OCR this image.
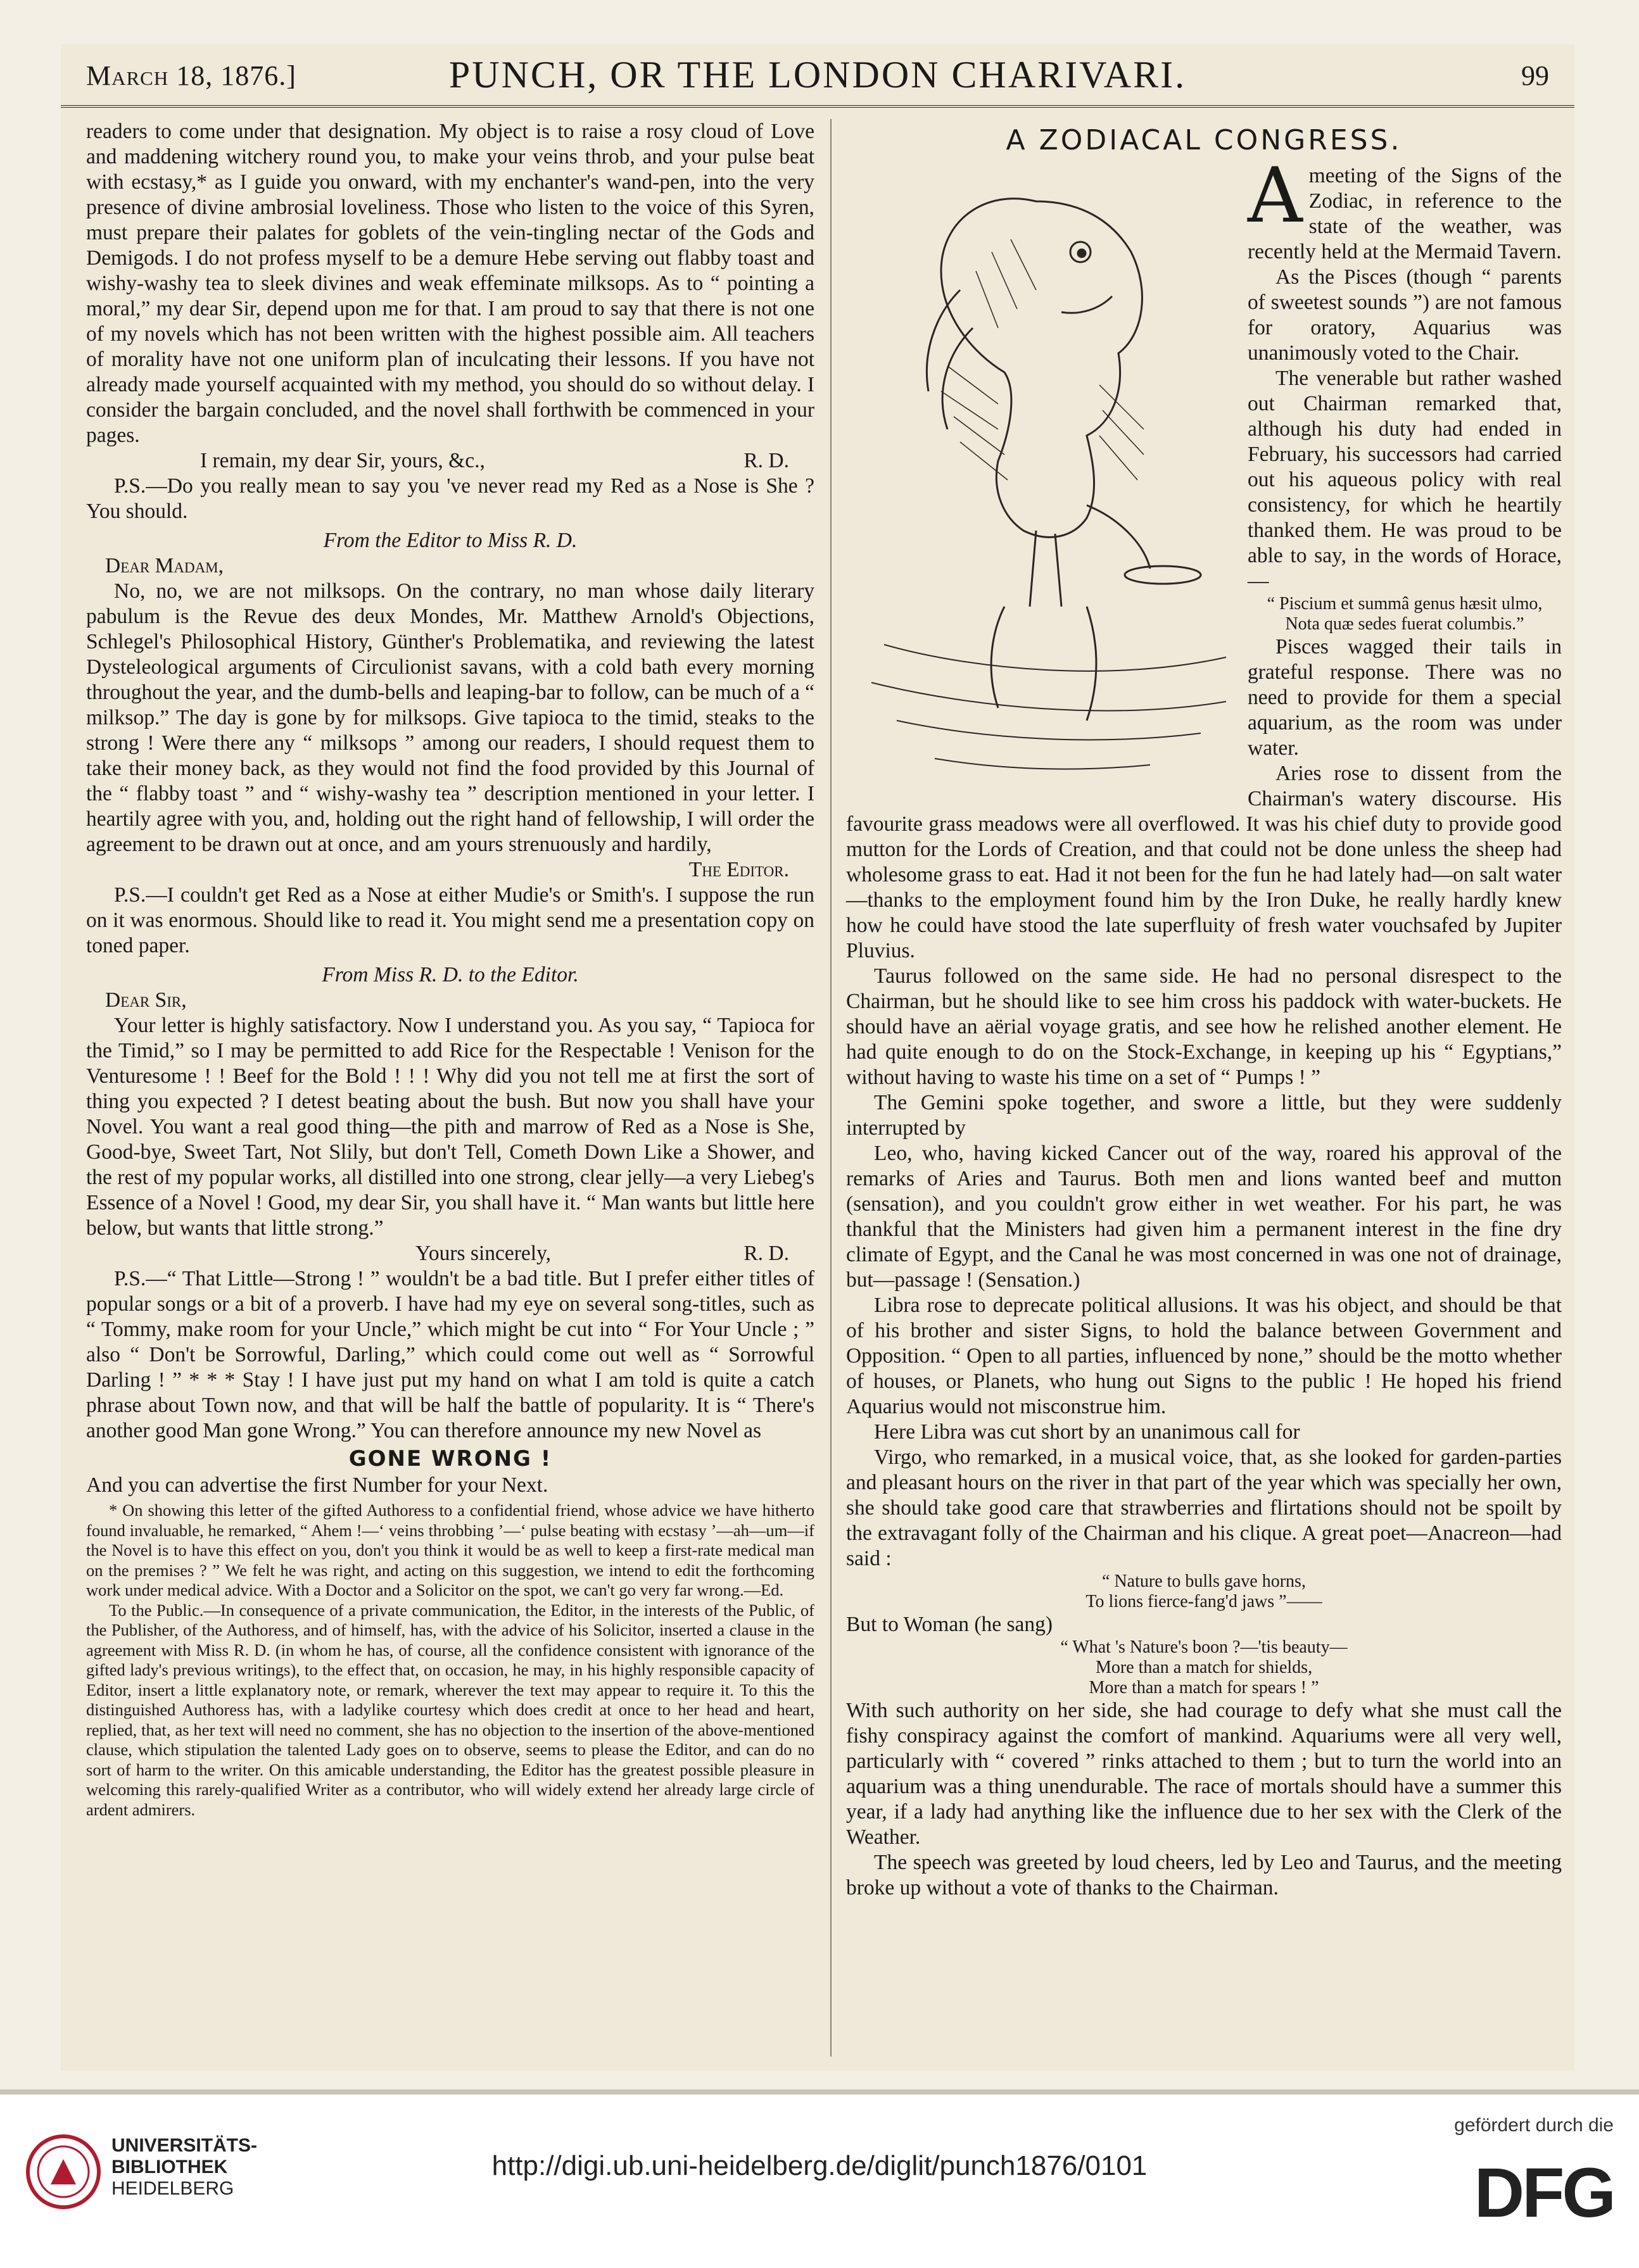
March 18, 1876.]	PUNCH, OR THE LONDON CHARIVARI.	99

readers to come under that designation. My object is to raise a rosy cloud of Love and maddening witchery round you, to make your veins throb, and your pulse beat with ecstasy,* as I guide you onward, with my enchanter's wand-pen, into the very presence of divine ambrosial loveliness. Those who listen to the voice of this Syren, must prepare their palates for goblets of the vein-tingling nectar of the Gods and Demigods. I do not profess myself to be a demure Hebe serving out flabby toast and wishy-washy tea to sleek divines and weak effeminate milksops. As to “ pointing a moral,” my dear Sir, depend upon me for that. I am proud to say that there is not one of my novels which has not been written with the highest possible aim. All teachers of morality have not one uniform plan of inculcating their lessons. If you have not already made yourself acquainted with my method, you should do so without delay. I consider the bargain concluded, and the novel shall forthwith be commenced in your pages.

I remain, my dear Sir, yours, &c.,	R. D.

P.S.—Do you really mean to say you 've never read my Red as a Nose is She ? You should.

From the Editor to Miss R. D.

Dear Madam,

No, no, we are not milksops. On the contrary, no man whose daily literary pabulum is the Revue des deux Mondes, Mr. Matthew Arnold's Objections, Schlegel's Philosophical History, Günther's Problematika, and reviewing the latest Dysteleological arguments of Circulionist savans, with a cold bath every morning throughout the year, and the dumb-bells and leaping-bar to follow, can be much of a “ milksop.” The day is gone by for milksops. Give tapioca to the timid, steaks to the strong ! Were there any “ milksops ” among our readers, I should request them to take their money back, as they would not find the food provided by this Journal of the “ flabby toast ” and “ wishy-washy tea ” description mentioned in your letter. I heartily agree with you, and, holding out the right hand of fellowship, I will order the agreement to be drawn out at once, and am yours strenuously and hardily,

The Editor.

P.S.—I couldn't get Red as a Nose at either Mudie's or Smith's. I suppose the run on it was enormous. Should like to read it. You might send me a presentation copy on toned paper.

From Miss R. D. to the Editor.

Dear Sir,

Your letter is highly satisfactory. Now I understand you. As you say, “ Tapioca for the Timid,” so I may be permitted to add Rice for the Respectable ! Venison for the Venturesome ! ! Beef for the Bold ! ! ! Why did you not tell me at first the sort of thing you expected ? I detest beating about the bush. But now you shall have your Novel. You want a real good thing—the pith and marrow of Red as a Nose is She, Good-bye, Sweet Tart, Not Slily, but don't Tell, Cometh Down Like a Shower, and the rest of my popular works, all distilled into one strong, clear jelly—a very Liebeg's Essence of a Novel ! Good, my dear Sir, you shall have it. “ Man wants but little here below, but wants that little strong.”

Yours sincerely,	R. D.

P.S.—“ That Little—Strong ! ” wouldn't be a bad title. But I prefer either titles of popular songs or a bit of a proverb. I have had my eye on several song-titles, such as “ Tommy, make room for your Uncle,” which might be cut into “ For Your Uncle ; ” also “ Don't be Sorrowful, Darling,” which could come out well as “ Sorrowful Darling ! ” * * * Stay ! I have just put my hand on what I am told is quite a catch phrase about Town now, and that will be half the battle of popularity. It is “ There's another good Man gone Wrong.” You can therefore announce my new Novel as

GONE WRONG !

And you can advertise the first Number for your Next.

* On showing this letter of the gifted Authoress to a confidential friend, whose advice we have hitherto found invaluable, he remarked, “ Ahem !—‘ veins throbbing ’—‘ pulse beating with ecstasy ’—ah—um—if the Novel is to have this effect on you, don't you think it would be as well to keep a first-rate medical man on the premises ? ” We felt he was right, and acting on this suggestion, we intend to edit the forthcoming work under medical advice. With a Doctor and a Solicitor on the spot, we can't go very far wrong.—Ed.

To the Public.—In consequence of a private communication, the Editor, in the interests of the Public, of the Publisher, of the Authoress, and of himself, has, with the advice of his Solicitor, inserted a clause in the agreement with Miss R. D. (in whom he has, of course, all the confidence consistent with ignorance of the gifted lady's previous writings), to the effect that, on occasion, he may, in his highly responsible capacity of Editor, insert a little explanatory note, or remark, wherever the text may appear to require it. To this the distinguished Authoress has, with a ladylike courtesy which does credit at once to her head and heart, replied, that, as her text will need no comment, she has no objection to the insertion of the above-mentioned clause, which stipulation the talented Lady goes on to observe, seems to please the Editor, and can do no sort of harm to the writer. On this amicable understanding, the Editor has the greatest possible pleasure in welcoming this rarely-qualified Writer as a contributor, who will widely extend her already large circle of ardent admirers.

A ZODIACAL CONGRESS.
A meeting of the Signs of the Zodiac, in reference to the state of the weather, was recently held at the Mermaid Tavern.

As the Pisces (though “ parents of sweetest sounds ”) are not famous for oratory, Aquarius was unanimously voted to the Chair.

The venerable but rather washed out Chairman remarked that, although his duty had ended in February, his successors had carried out his aqueous policy with real consistency, for which he heartily thanked them. He was proud to be able to say, in the words of Horace,—

“ Piscium et summâ genus hæsit ulmo,

Nota quæ sedes fuerat columbis.”

Pisces wagged their tails in grateful response. There was no need to provide for them a special aquarium, as the room was under water.

Aries rose to dissent from the Chairman's watery discourse. His favourite grass meadows were all overflowed. It was his chief duty to provide good mutton for the Lords of Creation, and that could not be done unless the sheep had wholesome grass to eat. Had it not been for the fun he had lately had—on salt water—thanks to the employment found him by the Iron Duke, he really hardly knew how he could have stood the late superfluity of fresh water vouchsafed by Jupiter Pluvius.

Taurus followed on the same side. He had no personal disrespect to the Chairman, but he should like to see him cross his paddock with water-buckets. He should have an aërial voyage gratis, and see how he relished another element. He had quite enough to do on the Stock-Exchange, in keeping up his “ Egyptians,” without having to waste his time on a set of “ Pumps ! ”

The Gemini spoke together, and swore a little, but they were suddenly interrupted by

Leo, who, having kicked Cancer out of the way, roared his approval of the remarks of Aries and Taurus. Both men and lions wanted beef and mutton (sensation), and you couldn't grow either in wet weather. For his part, he was thankful that the Ministers had given him a permanent interest in the fine dry climate of Egypt, and the Canal he was most concerned in was one not of drainage, but—passage ! (Sensation.)

Libra rose to deprecate political allusions. It was his object, and should be that of his brother and sister Signs, to hold the balance between Government and Opposition. “ Open to all parties, influenced by none,” should be the motto whether of houses, or Planets, who hung out Signs to the public ! He hoped his friend Aquarius would not misconstrue him.

Here Libra was cut short by an unanimous call for

Virgo, who remarked, in a musical voice, that, as she looked for garden-parties and pleasant hours on the river in that part of the year which was specially her own, she should take good care that strawberries and flirtations should not be spoilt by the extravagant folly of the Chairman and his clique. A great poet—Anacreon—had said :

“ Nature to bulls gave horns,

To lions fierce-fang'd jaws ”——

But to Woman (he sang)

“ What 's Nature's boon ?—'tis beauty—

More than a match for shields,

More than a match for spears ! ”

With such authority on her side, she had courage to defy what she must call the fishy conspiracy against the comfort of mankind. Aquariums were all very well, particularly with “ covered ” rinks attached to them ; but to turn the world into an aquarium was a thing unendurable. The race of mortals should have a summer this year, if a lady had anything like the influence due to her sex with the Clerk of the Weather.

The speech was greeted by loud cheers, led by Leo and Taurus, and the meeting broke up without a vote of thanks to the Chairman.

UNIVERSITÄTS-
BIBLIOTHEK
HEIDELBERG
http://digi.ub.uni-heidelberg.de/diglit/punch1876/0101
gefördert durch die
DFG
